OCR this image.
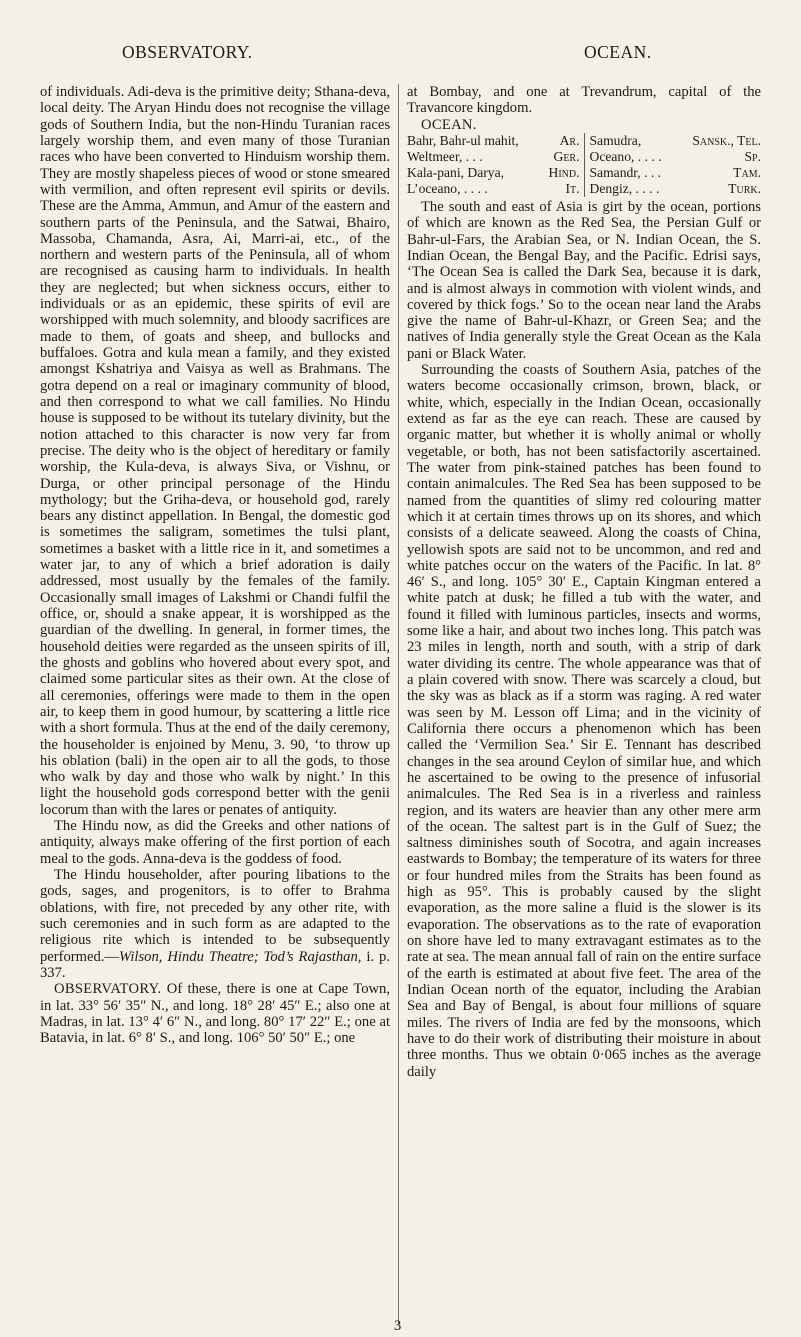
OBSERVATORY.	OCEAN.

of individuals. Adi-deva is the primitive deity; Sthana-deva, local deity. The Aryan Hindu does not recognise the village gods of Southern India, but the non-Hindu Turanian races largely worship them, and even many of those Turanian races who have been converted to Hinduism worship them. They are mostly shapeless pieces of wood or stone smeared with vermilion, and often represent evil spirits or devils. These are the Amma, Ammun, and Amur of the eastern and southern parts of the Peninsula, and the Satwai, Bhairo, Massoba, Chamanda, Asra, Ai, Marri-ai, etc., of the northern and western parts of the Peninsula, all of whom are recognised as causing harm to individuals. In health they are neglected; but when sickness occurs, either to individuals or as an epidemic, these spirits of evil are worshipped with much solemnity, and bloody sacrifices are made to them, of goats and sheep, and bullocks and buffaloes. Gotra and kula mean a family, and they existed amongst Kshatriya and Vaisya as well as Brahmans. The gotra depend on a real or imaginary community of blood, and then correspond to what we call families. No Hindu house is supposed to be without its tutelary divinity, but the notion attached to this character is now very far from precise. The deity who is the object of hereditary or family worship, the Kula-deva, is always Siva, or Vishnu, or Durga, or other principal personage of the Hindu mythology; but the Griha-deva, or household god, rarely bears any distinct appellation. In Bengal, the domestic god is sometimes the saligram, sometimes the tulsi plant, sometimes a basket with a little rice in it, and sometimes a water jar, to any of which a brief adoration is daily addressed, most usually by the females of the family. Occasionally small images of Lakshmi or Chandi fulfil the office, or, should a snake appear, it is worshipped as the guardian of the dwelling. In general, in former times, the household deities were regarded as the unseen spirits of ill, the ghosts and goblins who hovered about every spot, and claimed some particular sites as their own. At the close of all ceremonies, offerings were made to them in the open air, to keep them in good humour, by scattering a little rice with a short formula. Thus at the end of the daily ceremony, the householder is enjoined by Menu, 3. 90, ‘to throw up his oblation (bali) in the open air to all the gods, to those who walk by day and those who walk by night.’ In this light the household gods correspond better with the genii locorum than with the lares or penates of antiquity.

The Hindu now, as did the Greeks and other nations of antiquity, always make offering of the first portion of each meal to the gods. Anna-deva is the goddess of food.

The Hindu householder, after pouring libations to the gods, sages, and progenitors, is to offer to Brahma oblations, with fire, not preceded by any other rite, with such ceremonies and in such form as are adapted to the religious rite which is intended to be subsequently performed.—Wilson, Hindu Theatre; Tod’s Rajasthan, i. p. 337.

OBSERVATORY. Of these, there is one at Cape Town, in lat. 33° 56′ 35″ N., and long. 18° 28′ 45″ E.; also one at Madras, in lat. 13° 4′ 6″ N., and long. 80° 17′ 22″ E.; one at Batavia, in lat. 6° 8′ S., and long. 106° 50′ 50″ E.; one

at Bombay, and one at Trevandrum, capital of the Travancore kingdom.

OCEAN.

Bahr, Bahr-ul mahit, Ar.	Samudra, Sansk., Tel.

Weltmeer, . . . Ger.	Oceano, . . . . Sp.

Kala-pani, Darya, Hind.	Samandr, . . . Tam.

L’oceano, . . . . It.	Dengiz, . . . . Turk.

The south and east of Asia is girt by the ocean, portions of which are known as the Red Sea, the Persian Gulf or Bahr-ul-Fars, the Arabian Sea, or N. Indian Ocean, the S. Indian Ocean, the Bengal Bay, and the Pacific. Edrisi says, ‘The Ocean Sea is called the Dark Sea, because it is dark, and is almost always in commotion with violent winds, and covered by thick fogs.’ So to the ocean near land the Arabs give the name of Bahr-ul-Khazr, or Green Sea; and the natives of India generally style the Great Ocean as the Kala pani or Black Water.

Surrounding the coasts of Southern Asia, patches of the waters become occasionally crimson, brown, black, or white, which, especially in the Indian Ocean, occasionally extend as far as the eye can reach. These are caused by organic matter, but whether it is wholly animal or wholly vegetable, or both, has not been satisfactorily ascertained. The water from pink-stained patches has been found to contain animalcules. The Red Sea has been supposed to be named from the quantities of slimy red colouring matter which it at certain times throws up on its shores, and which consists of a delicate seaweed. Along the coasts of China, yellowish spots are said not to be uncommon, and red and white patches occur on the waters of the Pacific. In lat. 8° 46′ S., and long. 105° 30′ E., Captain Kingman entered a white patch at dusk; he filled a tub with the water, and found it filled with luminous particles, insects and worms, some like a hair, and about two inches long. This patch was 23 miles in length, north and south, with a strip of dark water dividing its centre. The whole appearance was that of a plain covered with snow. There was scarcely a cloud, but the sky was as black as if a storm was raging. A red water was seen by M. Lesson off Lima; and in the vicinity of California there occurs a phenomenon which has been called the ‘Vermilion Sea.’ Sir E. Tennant has described changes in the sea around Ceylon of similar hue, and which he ascertained to be owing to the presence of infusorial animalcules. The Red Sea is in a riverless and rainless region, and its waters are heavier than any other mere arm of the ocean. The saltest part is in the Gulf of Suez; the saltness diminishes south of Socotra, and again increases eastwards to Bombay; the temperature of its waters for three or four hundred miles from the Straits has been found as high as 95°. This is probably caused by the slight evaporation, as the more saline a fluid is the slower is its evaporation. The observations as to the rate of evaporation on shore have led to many extravagant estimates as to the rate at sea. The mean annual fall of rain on the entire surface of the earth is estimated at about five feet. The area of the Indian Ocean north of the equator, including the Arabian Sea and Bay of Bengal, is about four millions of square miles. The rivers of India are fed by the monsoons, which have to do their work of distributing their moisture in about three months. Thus we obtain 0·065 inches as the average daily

3
